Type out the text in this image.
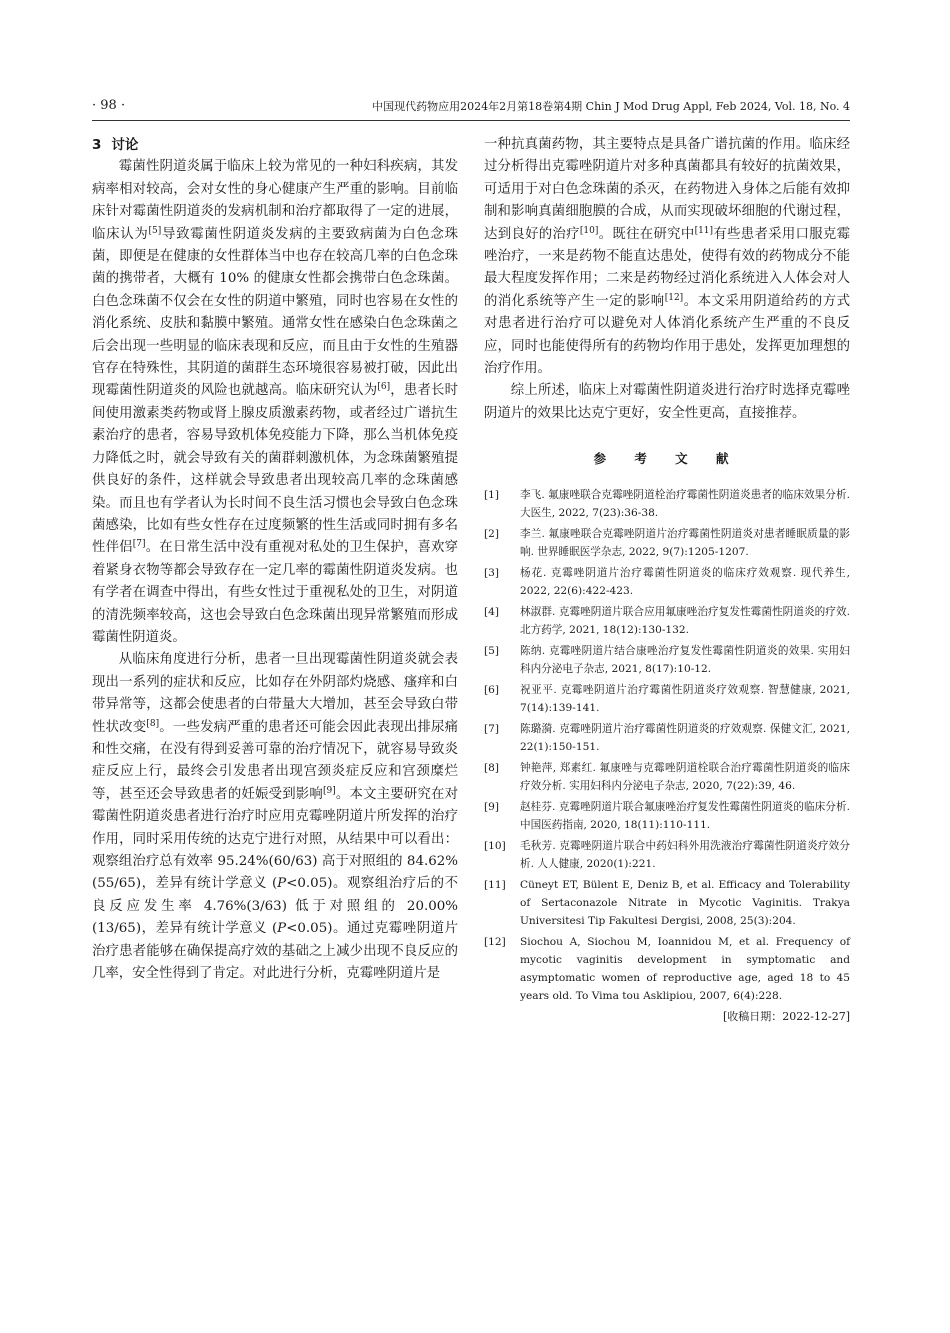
· 98 ·	中国现代药物应用2024年2月第18卷第4期 Chin J Mod Drug Appl, Feb 2024, Vol. 18, No. 4
3 讨论

霉菌性阴道炎属于临床上较为常见的一种妇科疾病，其发病率相对较高，会对女性的身心健康产生严重的影响。目前临床针对霉菌性阴道炎的发病机制和治疗都取得了一定的进展，临床认为[5]导致霉菌性阴道炎发病的主要致病菌为白色念珠菌，即便是在健康的女性群体当中也存在较高几率的白色念珠菌的携带者，大概有 10% 的健康女性都会携带白色念珠菌。白色念珠菌不仅会在女性的阴道中繁殖，同时也容易在女性的消化系统、皮肤和黏膜中繁殖。通常女性在感染白色念珠菌之后会出现一些明显的临床表现和反应，而且由于女性的生殖器官存在特殊性，其阴道的菌群生态环境很容易被打破，因此出现霉菌性阴道炎的风险也就越高。临床研究认为[6]，患者长时间使用激素类药物或肾上腺皮质激素药物，或者经过广谱抗生素治疗的患者，容易导致机体免疫能力下降，那么当机体免疫力降低之时，就会导致有关的菌群刺激机体，为念珠菌繁殖提供良好的条件，这样就会导致患者出现较高几率的念珠菌感染。而且也有学者认为长时间不良生活习惯也会导致白色念珠菌感染，比如有些女性存在过度频繁的性生活或同时拥有多名性伴侣[7]。在日常生活中没有重视对私处的卫生保护，喜欢穿着紧身衣物等都会导致存在一定几率的霉菌性阴道炎发病。也有学者在调查中得出，有些女性过于重视私处的卫生，对阴道的清洗频率较高，这也会导致白色念珠菌出现异常繁殖而形成霉菌性阴道炎。

从临床角度进行分析，患者一旦出现霉菌性阴道炎就会表现出一系列的症状和反应，比如存在外阴部灼烧感、瘙痒和白带异常等，这都会使患者的白带量大大增加，甚至会导致白带性状改变[8]。一些发病严重的患者还可能会因此表现出排尿痛和性交痛，在没有得到妥善可靠的治疗情况下，就容易导致炎症反应上行，最终会引发患者出现宫颈炎症反应和宫颈糜烂等，甚至还会导致患者的妊娠受到影响[9]。本文主要研究在对霉菌性阴道炎患者进行治疗时应用克霉唑阴道片所发挥的治疗作用，同时采用传统的达克宁进行对照，从结果中可以看出：观察组治疗总有效率 95.24%(60/63) 高于对照组的 84.62%(55/65)，差异有统计学意义 (P<0.05)。观察组治疗后的不良反应发生率 4.76%(3/63) 低于对照组的 20.00%(13/65)，差异有统计学意义 (P<0.05)。通过克霉唑阴道片治疗患者能够在确保提高疗效的基础之上减少出现不良反应的几率，安全性得到了肯定。对此进行分析，克霉唑阴道片是

一种抗真菌药物，其主要特点是具备广谱抗菌的作用。临床经过分析得出克霉唑阴道片对多种真菌都具有较好的抗菌效果，可适用于对白色念珠菌的杀灭，在药物进入身体之后能有效抑制和影响真菌细胞膜的合成，从而实现破坏细胞的代谢过程，达到良好的治疗[10]。既往在研究中[11]有些患者采用口服克霉唑治疗，一来是药物不能直达患处，使得有效的药物成分不能最大程度发挥作用；二来是药物经过消化系统进入人体会对人的消化系统等产生一定的影响[12]。本文采用阴道给药的方式对患者进行治疗可以避免对人体消化系统产生严重的不良反应，同时也能使得所有的药物均作用于患处，发挥更加理想的治疗作用。

综上所述，临床上对霉菌性阴道炎进行治疗时选择克霉唑阴道片的效果比达克宁更好，安全性更高，直接推荐。

参 考 文 献
[1]	李飞. 氟康唑联合克霉唑阴道栓治疗霉菌性阴道炎患者的临床效果分析. 大医生, 2022, 7(23):36-38.
[2]	李兰. 氟康唑联合克霉唑阴道片治疗霉菌性阴道炎对患者睡眠质量的影响. 世界睡眠医学杂志, 2022, 9(7):1205-1207.
[3]	杨花. 克霉唑阴道片治疗霉菌性阴道炎的临床疗效观察. 现代养生, 2022, 22(6):422-423.
[4]	林淑群. 克霉唑阴道片联合应用氟康唑治疗复发性霉菌性阴道炎的疗效. 北方药学, 2021, 18(12):130-132.
[5]	陈纳. 克霉唑阴道片结合康唑治疗复发性霉菌性阴道炎的效果. 实用妇科内分泌电子杂志, 2021, 8(17):10-12.
[6]	祝亚平. 克霉唑阴道片治疗霉菌性阴道炎疗效观察. 智慧健康, 2021, 7(14):139-141.
[7]	陈璐漪. 克霉唑阴道片治疗霉菌性阴道炎的疗效观察. 保健文汇, 2021, 22(1):150-151.
[8]	钟艳萍, 郑素红. 氟康唑与克霉唑阴道栓联合治疗霉菌性阴道炎的临床疗效分析. 实用妇科内分泌电子杂志, 2020, 7(22):39, 46.
[9]	赵桂芬. 克霉唑阴道片联合氟康唑治疗复发性霉菌性阴道炎的临床分析. 中国医药指南, 2020, 18(11):110-111.
[10]	毛秋芳. 克霉唑阴道片联合中药妇科外用洗液治疗霉菌性阴道炎疗效分析. 人人健康, 2020(1):221.
[11]	Cüneyt ET, Bülent E, Deniz B, et al. Efficacy and Tolerability of Sertaconazole Nitrate in Mycotic Vaginitis. Trakya Universitesi Tip Fakultesi Dergisi, 2008, 25(3):204.
[12]	Siochou A, Siochou M, Ioannidou M, et al. Frequency of mycotic vaginitis development in symptomatic and asymptomatic women of reproductive age, aged 18 to 45 years old. To Vima tou Asklipiou, 2007, 6(4):228.
[收稿日期：2022-12-27]
